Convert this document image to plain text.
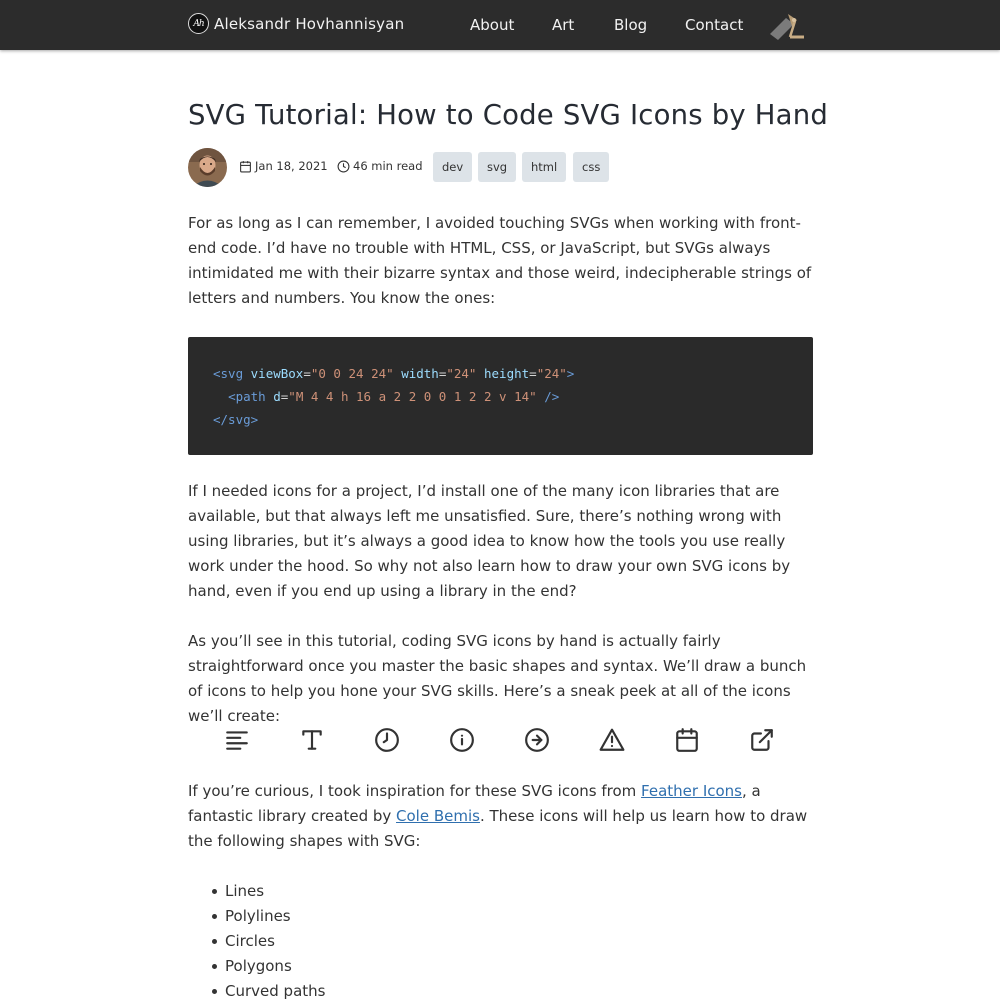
Ah Aleksandr Hovhannisyan	About	Art	Blog	Contact
SVG Tutorial: How to Code SVG Icons by Hand
Jan 18, 2021 46 min read	dev	svg	html	css

For as long as I can remember, I avoided touching SVGs when working with front-end code. I’d have no trouble with HTML, CSS, or JavaScript, but SVGs always intimidated me with their bizarre syntax and those weird, indecipherable strings of letters and numbers. You know the ones:

<svg viewBox="0 0 24 24" width="24" height="24">
<path d="M 4 4 h 16 a 2 2 0 0 1 2 2 v 14" />
</svg>

If I needed icons for a project, I’d install one of the many icon libraries that are available, but that always left me unsatisfied. Sure, there’s nothing wrong with using libraries, but it’s always a good idea to know how the tools you use really work under the hood. So why not also learn how to draw your own SVG icons by hand, even if you end up using a library in the end?

As you’ll see in this tutorial, coding SVG icons by hand is actually fairly straightforward once you master the basic shapes and syntax. We’ll draw a bunch of icons to help you hone your SVG skills. Here’s a sneak peek at all of the icons we’ll create:

If you’re curious, I took inspiration for these SVG icons from Feather Icons, a fantastic library created by Cole Bemis. These icons will help us learn how to draw the following shapes with SVG:

Lines
Polylines
Circles
Polygons
Curved paths
